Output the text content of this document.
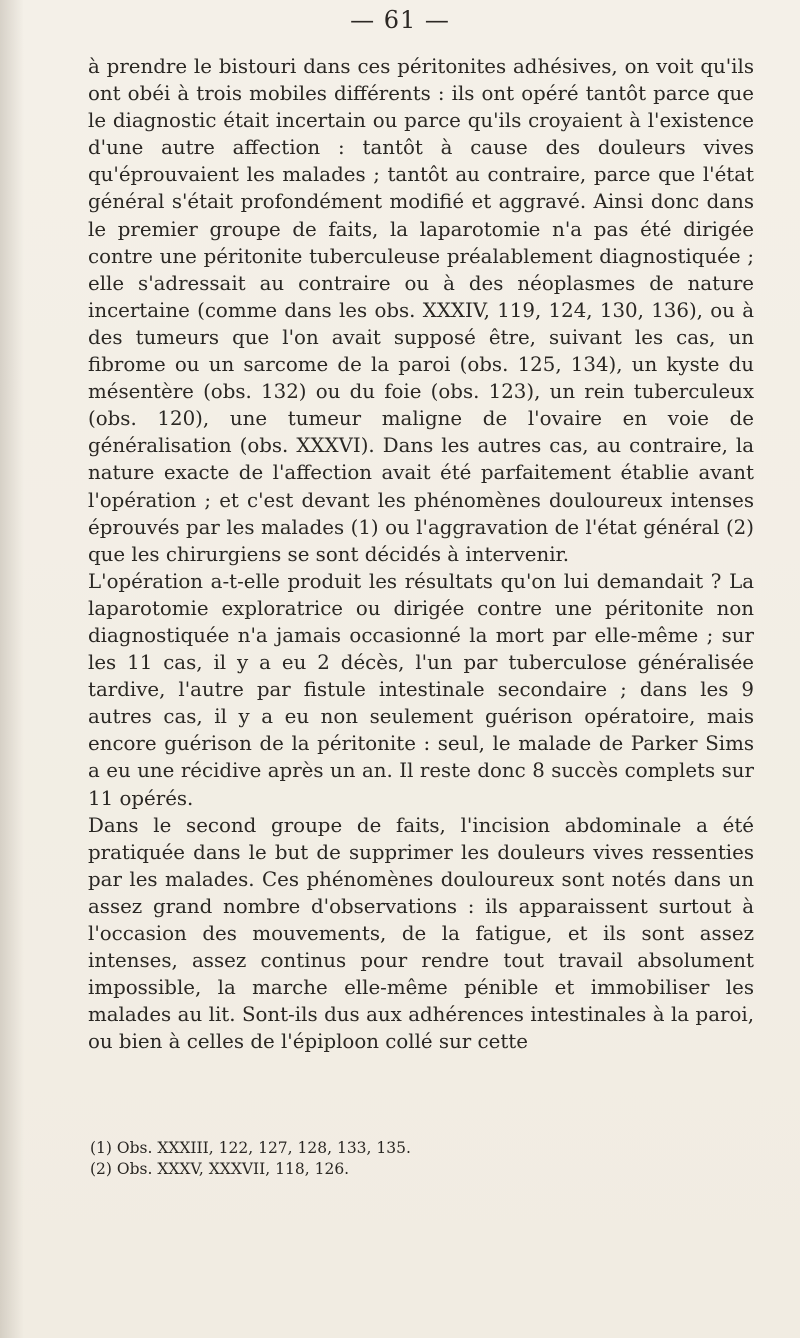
— 61 —

à prendre le bistouri dans ces péritonites adhésives, on voit qu'ils ont obéi à trois mobiles différents : ils ont opéré tantôt parce que le diagnostic était incertain ou parce qu'ils croyaient à l'existence d'une autre affection : tantôt à cause des douleurs vives qu'éprouvaient les malades ; tantôt au contraire, parce que l'état général s'était profondément modifié et aggravé. Ainsi donc dans le premier groupe de faits, la laparotomie n'a pas été dirigée contre une péritonite tuberculeuse préalablement diagnostiquée ; elle s'adressait au contraire ou à des néoplasmes de nature incertaine (comme dans les obs. XXXIV, 119, 124, 130, 136), ou à des tumeurs que l'on avait supposé être, suivant les cas, un fibrome ou un sarcome de la paroi (obs. 125, 134), un kyste du mésentère (obs. 132) ou du foie (obs. 123), un rein tuberculeux (obs. 120), une tumeur maligne de l'ovaire en voie de généralisation (obs. XXXVI). Dans les autres cas, au contraire, la nature exacte de l'affection avait été parfaitement établie avant l'opération ; et c'est devant les phénomènes douloureux intenses éprouvés par les malades (1) ou l'aggravation de l'état général (2) que les chirurgiens se sont décidés à intervenir.

L'opération a-t-elle produit les résultats qu'on lui demandait ? La laparotomie exploratrice ou dirigée contre une péritonite non diagnostiquée n'a jamais occasionné la mort par elle-même ; sur les 11 cas, il y a eu 2 décès, l'un par tuberculose généralisée tardive, l'autre par fistule intestinale secondaire ; dans les 9 autres cas, il y a eu non seulement guérison opératoire, mais encore guérison de la péritonite : seul, le malade de Parker Sims a eu une récidive après un an. Il reste donc 8 succès complets sur 11 opérés.

Dans le second groupe de faits, l'incision abdominale a été pratiquée dans le but de supprimer les douleurs vives ressenties par les malades. Ces phénomènes douloureux sont notés dans un assez grand nombre d'observations : ils apparaissent surtout à l'occasion des mouvements, de la fatigue, et ils sont assez intenses, assez continus pour rendre tout travail absolument impossible, la marche elle-même pénible et immobiliser les malades au lit. Sont-ils dus aux adhérences intestinales à la paroi, ou bien à celles de l'épiploon collé sur cette

(1) Obs. XXXIII, 122, 127, 128, 133, 135.
(2) Obs. XXXV, XXXVII, 118, 126.
